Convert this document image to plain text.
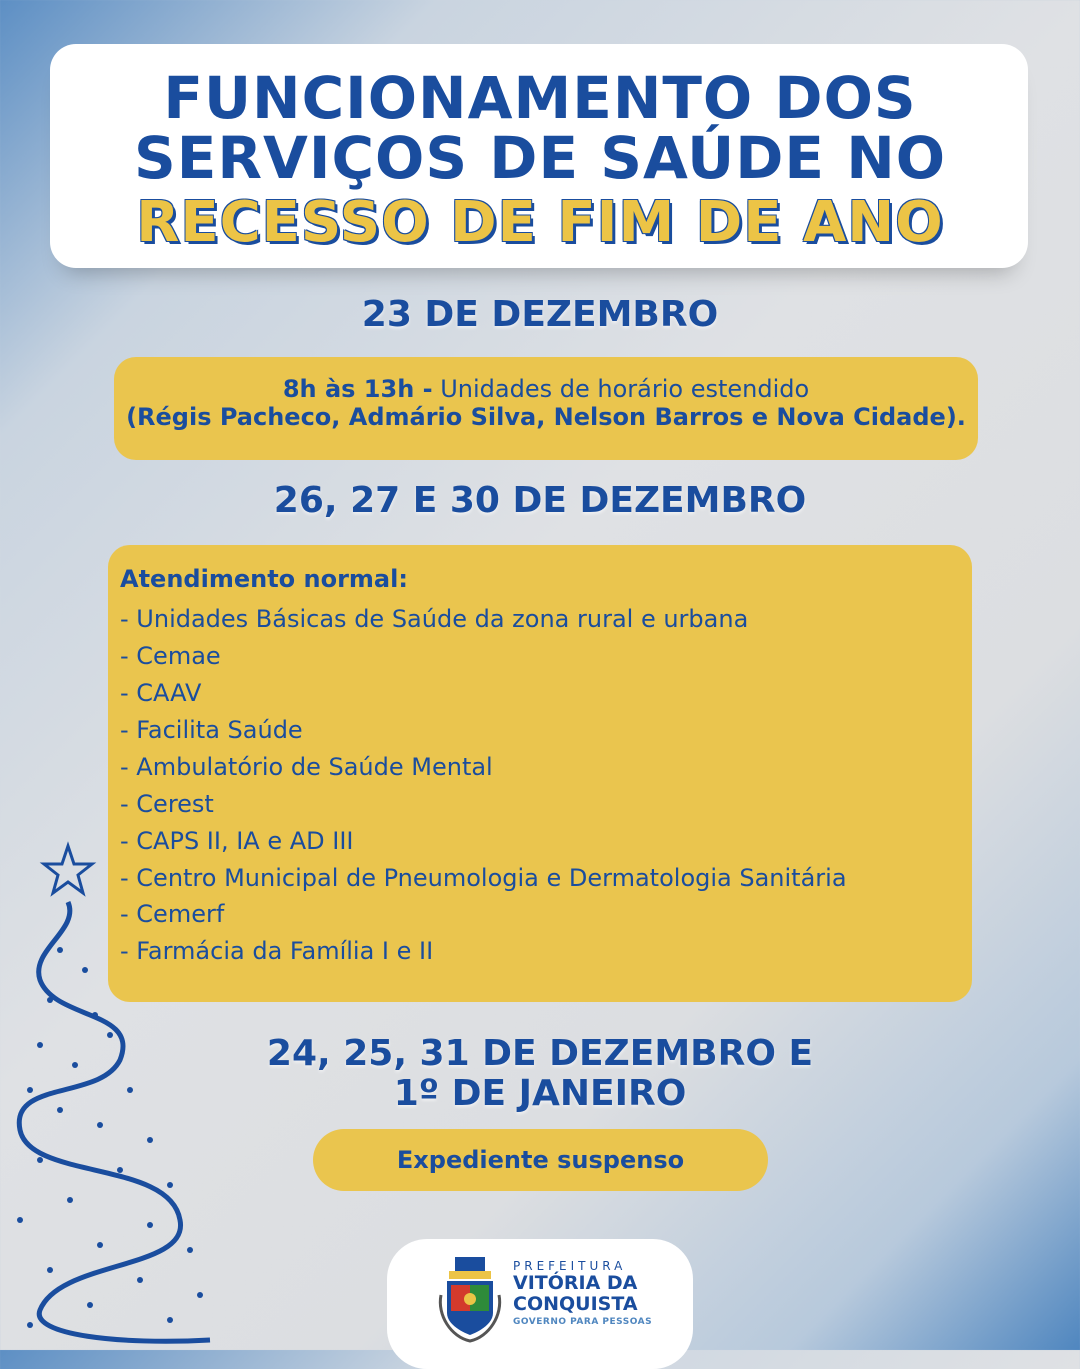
FUNCIONAMENTO DOS
SERVIÇOS DE SAÚDE NO
RECESSO DE FIM DE ANO
23 DE DEZEMBRO
8h às 13h - Unidades de horário estendido
(Régis Pacheco, Admário Silva, Nelson Barros e Nova Cidade).
26, 27 E 30 DE DEZEMBRO
Atendimento normal:
- Unidades Básicas de Saúde da zona rural e urbana
- Cemae
- CAAV
- Facilita Saúde
- Ambulatório de Saúde Mental
- Cerest
- CAPS II, IA e AD III
- Centro Municipal de Pneumologia e Dermatologia Sanitária
- Cemerf
- Farmácia da Família I e II
24, 25, 31 DE DEZEMBRO E
1º DE JANEIRO
Expediente suspenso
PREFEITURA
VITÓRIA DA
CONQUISTA
GOVERNO PARA PESSOAS
